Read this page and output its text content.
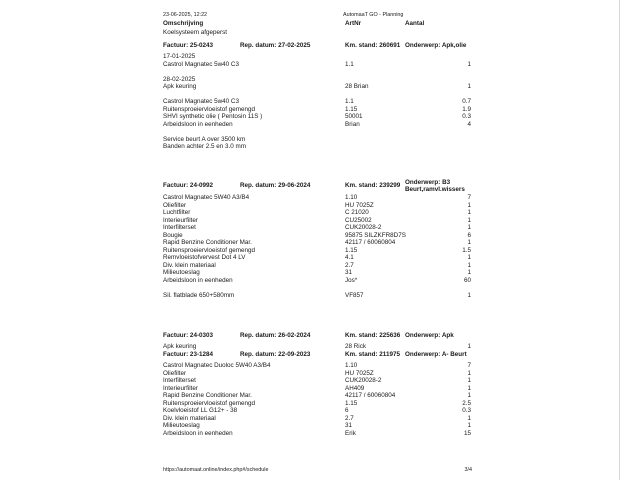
23-06-2025, 12:22	AutomaaT GO - Planning
Omschrijving	ArtNr	Aantal
Koelsysteem afgeperst
Factuur: 25-0243	Rep. datum: 27-02-2025	Km. stand: 260691 Onderwerp: Apk,olie
17-01-2025
Castrol Magnatec 5w40 C3	1.1	1
28-02-2025
Apk keuring	28 Brian	1
Castrol Magnatec 5w40 C3	1.1	0.7
Ruitensproeiervloeistof gemengd	1.15	1.9
SHVI synthetic olie ( Pentosin 11S )	50001	0.3
Arbeidsloon in eenheden	Brian	4
Service beurt A over 3500 km
Banden achter 2.5 en 3.0 mm
Factuur: 24-0992	Rep. datum: 29-06-2024	Km. stand: 239299 Onderwerp: B3
Beurt,ramvl.wissers
Castrol Magnatec 5W40 A3/B4	1.10	7
Oliefilter	HU 7025Z	1
Luchtfilter	C 21020	1
Interieurfilter	CU25002	1
Interfilterset	CUK20028-2	1
Bougie	95875 SILZKFR8D7S	6
Rapid Benzine Conditioner Mar.	42117 / 60060804	1
Ruitensproeiervloeistof gemengd	1.15	1.5
Remvloeistofvervest Dot 4 LV	4.1	1
Div. klein materiaal	2.7	1
Milieutoeslag	31	1
Arbeidsloon in eenheden	Jos*	60
Sil. flatblade 650+580mm	VF857	1
Factuur: 24-0303	Rep. datum: 26-02-2024	Km. stand: 225636 Onderwerp: Apk
Apk keuring	28 Rick	1
Factuur: 23-1284	Rep. datum: 22-09-2023	Km. stand: 211975 Onderwerp: A- Beurt
Castrol Magnatec Duoloc 5W40 A3/B4	1.10	7
Oliefilter	HU 7025Z	1
Interfilterset	CUK20028-2	1
Interieurfilter	AH409	1
Rapid Benzine Conditioner Mar.	42117 / 60060804	1
Ruitensproeiervloeistof gemengd	1.15	2.5
Koelvloeistof LL G12+ - 38	6	0.3
Div. klein materiaal	2.7	1
Milieutoeslag	31	1
Arbeidsloon in eenheden	Erik	15
https://automaat.online/index.php#/schedule	3/4
